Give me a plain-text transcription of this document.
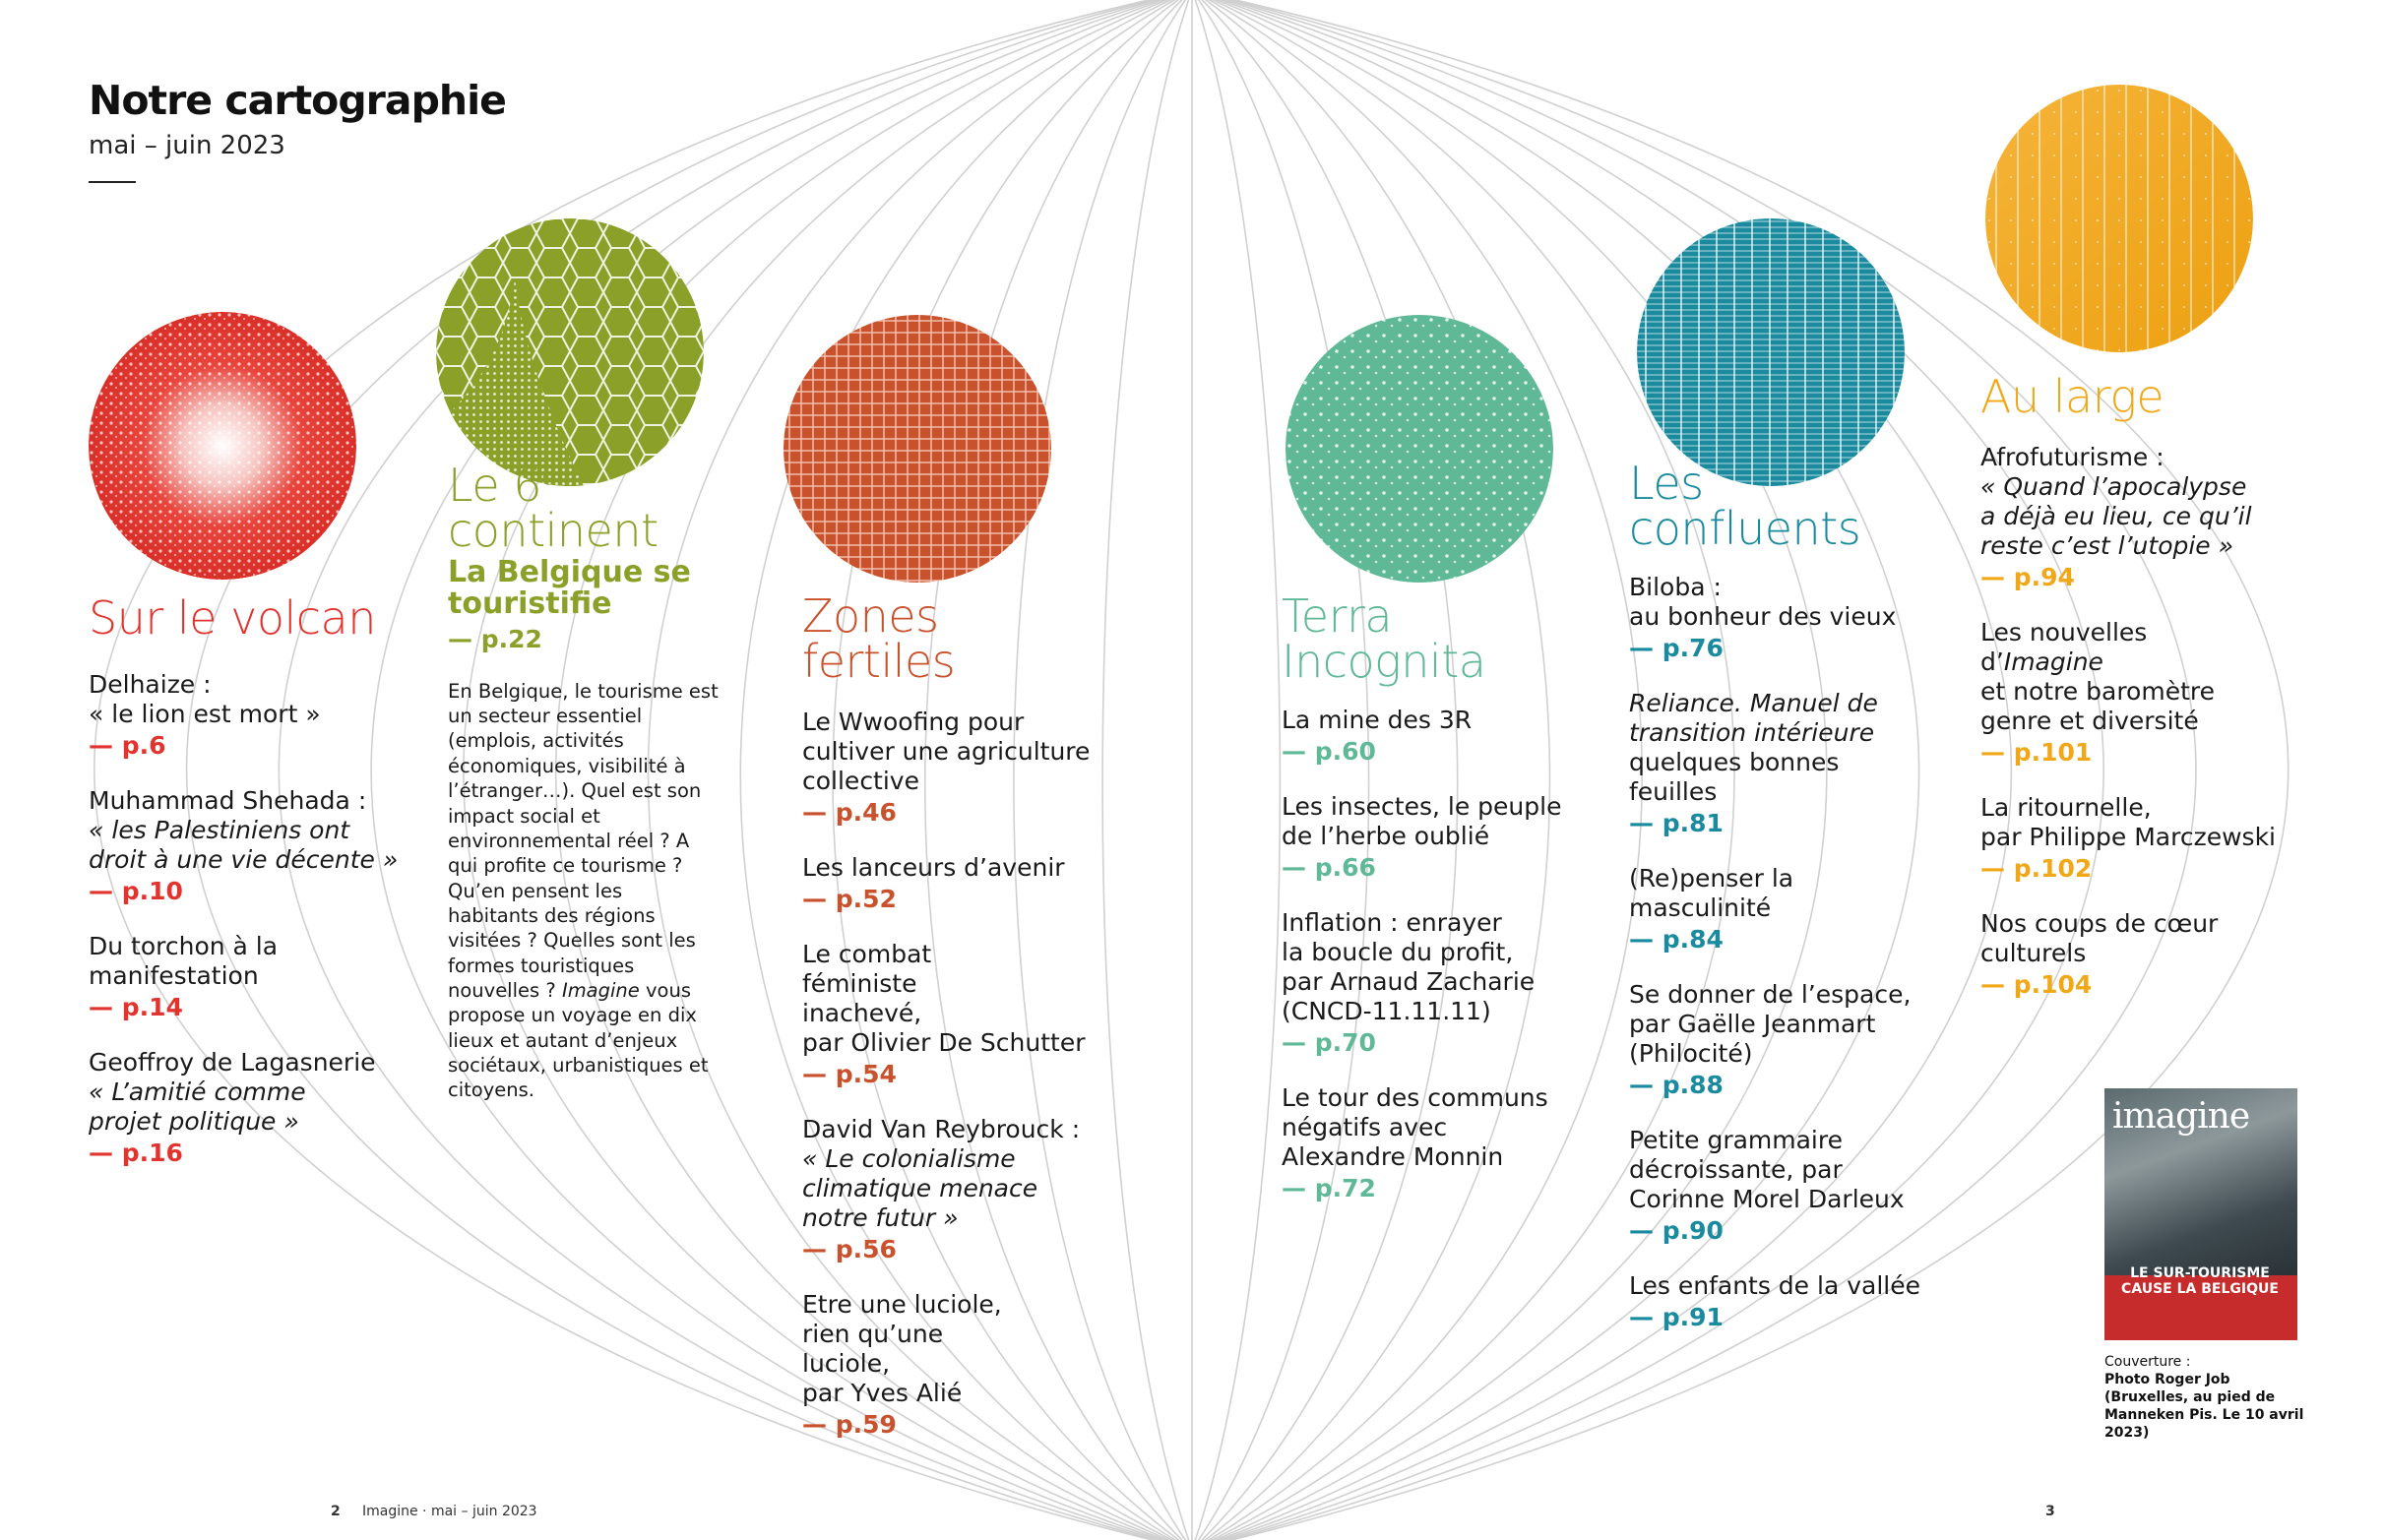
Notre cartographie
mai – juin 2023
Sur le volcan
Delhaize :
« le lion est mort »
— p.6
Muhammad Shehada :
« les Palestiniens ont droit à une vie décente »
— p.10
Du torchon à la manifestation
— p.14
Geoffroy de Lagasnerie
« L’amitié comme projet politique »
— p.16
Le 6e
continent
La Belgique se touristifie
— p.22
En Belgique, le tourisme est un secteur essentiel (emplois, activités économiques, visibilité à l’étranger…). Quel est son impact social et environnemental réel ? A qui profite ce tourisme ? Qu’en pensent les habitants des régions visitées ? Quelles sont les formes touristiques nouvelles ? Imagine vous propose un voyage en dix lieux et autant d’enjeux sociétaux, urbanistiques et citoyens.
Zones fertiles
Le Wwoofing pour cultiver une agriculture collective
— p.46
Les lanceurs d’avenir
— p.52
Le combat féministe inachevé,
par Olivier De Schutter
— p.54
David Van Reybrouck :
« Le colonialisme climatique menace notre futur »
— p.56
Etre une luciole, rien qu’une luciole,
par Yves Alié
— p.59
Terra
Incognita
La mine des 3R
— p.60
Les insectes, le peuple de l’herbe oublié
— p.66
Inflation : enrayer la boucle du profit,
par Arnaud Zacharie (CNCD-11.11.11)
— p.70
Le tour des communs négatifs avec Alexandre Monnin
— p.72
Les
confluents
Biloba :
au bonheur des vieux
— p.76
Reliance. Manuel de transition intérieure
quelques bonnes feuilles
— p.81
(Re)penser la masculinité
— p.84
Se donner de l’espace,
par Gaëlle Jeanmart (Philocité)
— p.88
Petite grammaire décroissante, par Corinne Morel Darleux
— p.90
Les enfants de la vallée
— p.91
Au large
Afrofuturisme :
« Quand l’apocalypse a déjà eu lieu, ce qu’il reste c’est l’utopie »
— p.94
Les nouvelles d’Imagine
et notre baromètre genre et diversité
— p.101
La ritournelle,
par Philippe Marczewski
— p.102
Nos coups de cœur culturels
— p.104
imagine
LE SUR-TOURISME CAUSE LA BELGIQUE
Couverture :
Photo Roger Job (Bruxelles, au pied de Manneken Pis. Le 10 avril 2023)
2 Imagine · mai – juin 2023	3
